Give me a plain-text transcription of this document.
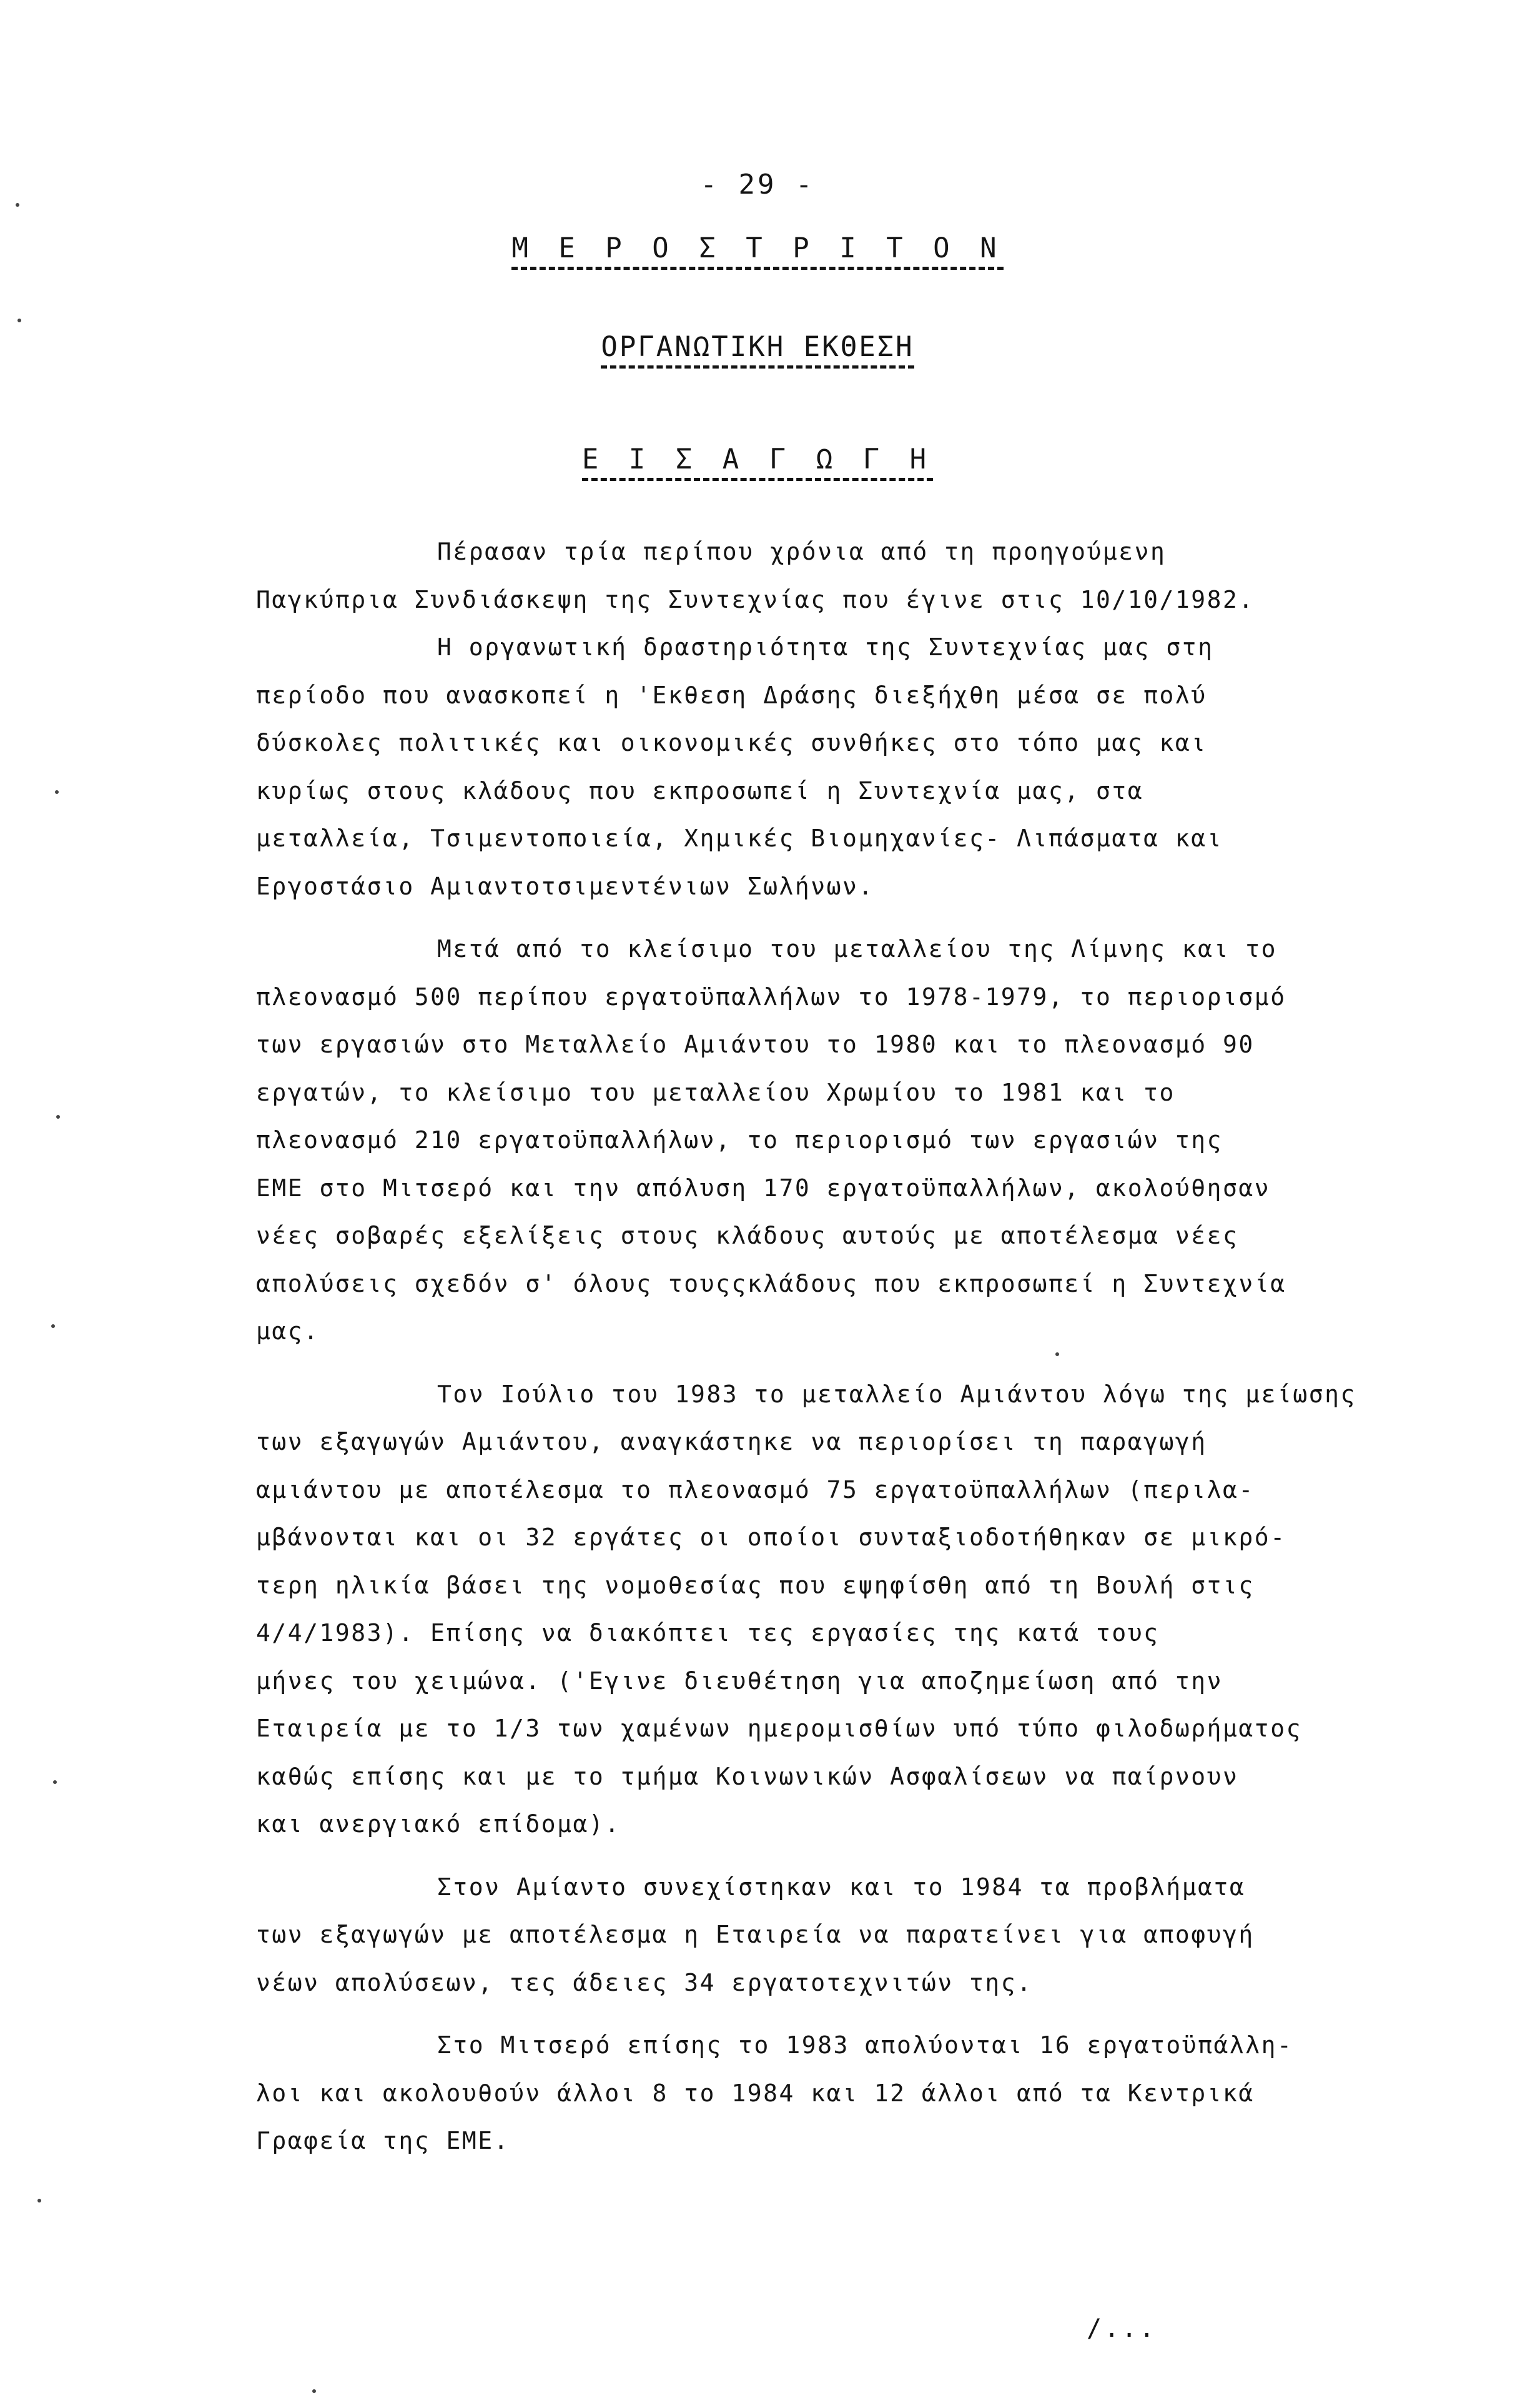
- 29 -
Μ Ε Ρ Ο Σ Τ Ρ Ι Τ Ο Ν
ΟΡΓΑΝΩΤΙΚΗ ΕΚΘΕΣΗ
Ε Ι Σ Α Γ Ω Γ Η
Πέρασαν τρία περίπου χρόνια από τη προηγούμενη
Παγκύπρια Συνδιάσκεψη της Συντεχνίας που έγινε στις 10/10/1982.
Η οργανωτική δραστηριότητα της Συντεχνίας μας στη
περίοδο που ανασκοπεί η 'Εκθεση Δράσης διεξήχθη μέσα σε πολύ
δύσκολες πολιτικές και οικονομικές συνθήκες στο τόπο μας και
κυρίως στους κλάδους που εκπροσωπεί η Συντεχνία μας, στα
μεταλλεία, Τσιμεντοποιεία, Χημικές Βιομηχανίες- Λιπάσματα και
Εργοστάσιο Αμιαντοτσιμεντένιων Σωλήνων.
Μετά από το κλείσιμο του μεταλλείου της Λίμνης και το
πλεονασμό 500 περίπου εργατοϋπαλλήλων το 1978-1979, το περιορισμό
των εργασιών στο Μεταλλείο Αμιάντου το 1980 και το πλεονασμό 90
εργατών, το κλείσιμο του μεταλλείου Χρωμίου το 1981 και το
πλεονασμό 210 εργατοϋπαλλήλων, το περιορισμό των εργασιών της
ΕΜΕ στο Μιτσερό και την απόλυση 170 εργατοϋπαλλήλων, ακολούθησαν
νέες σοβαρές εξελίξεις στους κλάδους αυτούς με αποτέλεσμα νέες
απολύσεις σχεδόν σ' όλους τουςςκλάδους που εκπροσωπεί η Συντεχνία
μας.
Τον Ιούλιο του 1983 το μεταλλείο Αμιάντου λόγω της μείωσης
των εξαγωγών Αμιάντου, αναγκάστηκε να περιορίσει τη παραγωγή
αμιάντου με αποτέλεσμα το πλεονασμό 75 εργατοϋπαλλήλων (περιλα-
μβάνονται και οι 32 εργάτες οι οποίοι συνταξιοδοτήθηκαν σε μικρό-
τερη ηλικία βάσει της νομοθεσίας που εψηφίσθη από τη Βουλή στις
4/4/1983). Επίσης να διακόπτει τες εργασίες της κατά τους
μήνες του χειμώνα. ('Εγινε διευθέτηση για αποζημείωση από την
Εταιρεία με το 1/3 των χαμένων ημερομισθίων υπό τύπο φιλοδωρήματος
καθώς επίσης και με το τμήμα Κοινωνικών Ασφαλίσεων να παίρνουν
και ανεργιακό επίδομα).
Στον Αμίαντο συνεχίστηκαν και το 1984 τα προβλήματα
των εξαγωγών με αποτέλεσμα η Εταιρεία να παρατείνει για αποφυγή
νέων απολύσεων, τες άδειες 34 εργατοτεχνιτών της.
Στο Μιτσερό επίσης το 1983 απολύονται 16 εργατοϋπάλλη-
λοι και ακολουθούν άλλοι 8 το 1984 και 12 άλλοι από τα Κεντρικά
Γραφεία της ΕΜΕ.
/...
